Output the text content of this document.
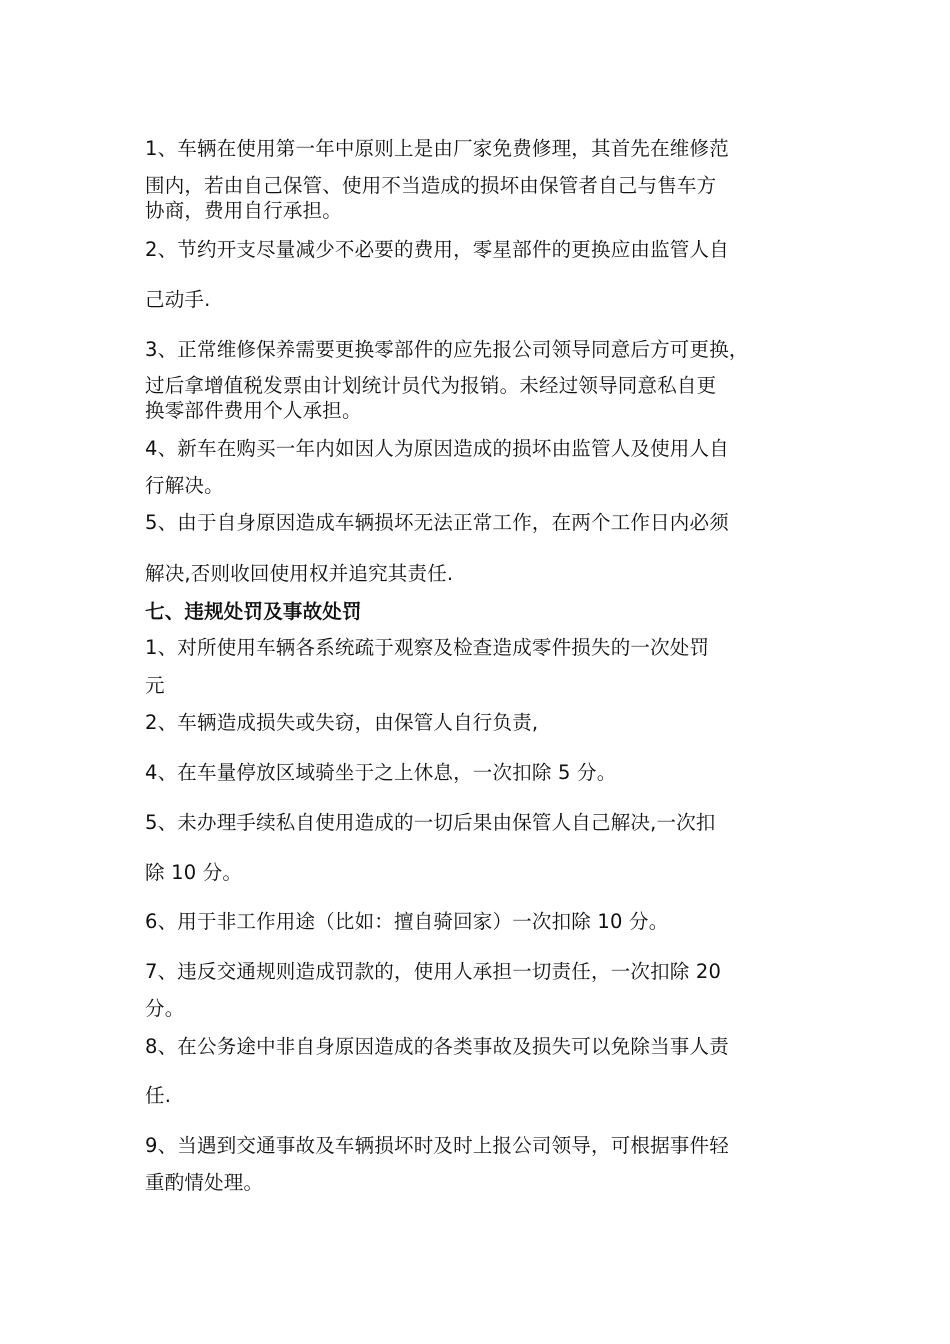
1、车辆在使用第一年中原则上是由厂家免费修理，其首先在维修范
围内，若由自己保管、使用不当造成的损坏由保管者自己与售车方
协商，费用自行承担。
2、节约开支尽量减少不必要的费用，零星部件的更换应由监管人自
己动手.
3、正常维修保养需要更换零部件的应先报公司领导同意后方可更换，
过后拿增值税发票由计划统计员代为报销。未经过领导同意私自更
换零部件费用个人承担。
4、新车在购买一年内如因人为原因造成的损坏由监管人及使用人自
行解决。
5、由于自身原因造成车辆损坏无法正常工作，在两个工作日内必须
解决,否则收回使用权并追究其责任.
七、违规处罚及事故处罚
1、对所使用车辆各系统疏于观察及检查造成零件损失的一次处罚
元
2、车辆造成损失或失窃，由保管人自行负责,
4、在车量停放区域骑坐于之上休息，一次扣除 5 分。
5、未办理手续私自使用造成的一切后果由保管人自己解决,一次扣
除 10 分。
6、用于非工作用途（比如：擅自骑回家）一次扣除 10 分。
7、违反交通规则造成罚款的，使用人承担一切责任，一次扣除 20
分。
8、在公务途中非自身原因造成的各类事故及损失可以免除当事人责
任.
9、当遇到交通事故及车辆损坏时及时上报公司领导，可根据事件轻
重酌情处理。
